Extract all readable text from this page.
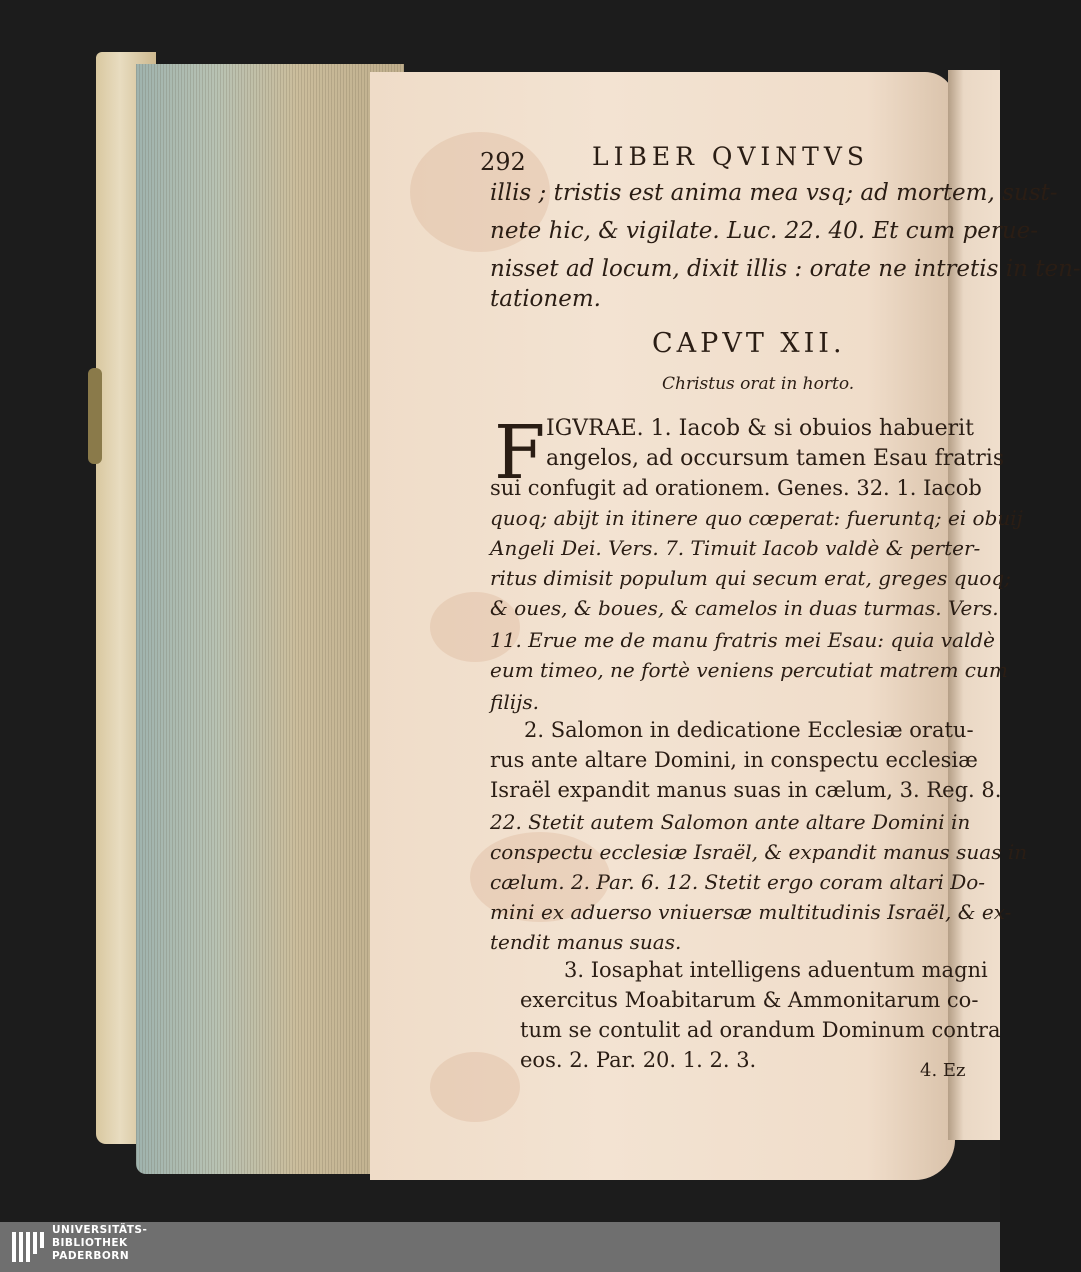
292	LIBER QVINTVS
illis ; tristis est anima mea vsq; ad mortem, sust-
nete hic, & vigilate. Luc. 22. 40. Et cum perue-
nisset ad locum, dixit illis : orate ne intretis in ten-
tationem.
CAPVT XII.
Christus orat in horto.
F IGVRAE. 1. Iacob & si obuios habuerit
angelos, ad occursum tamen Esau fratris
sui confugit ad orationem. Genes. 32. 1. Iacob
quoq; abijt in itinere quo cœperat: fueruntq; ei obuij
Angeli Dei. Vers. 7. Timuit Iacob valdè & perter-
ritus dimisit populum qui secum erat, greges quoq;
& oues, & boues, & camelos in duas turmas. Vers.
11. Erue me de manu fratris mei Esau: quia valdè
eum timeo, ne fortè veniens percutiat matrem cum
filijs.
2. Salomon in dedicatione Ecclesiæ oratu-
rus ante altare Domini, in conspectu ecclesiæ
Israël expandit manus suas in cælum, 3. Reg. 8.
22. Stetit autem Salomon ante altare Domini in
conspectu ecclesiæ Israël, & expandit manus suas in
cælum. 2. Par. 6. 12. Stetit ergo coram altari Do-
mini ex aduerso vniuersæ multitudinis Israël, & ex-
tendit manus suas.
3. Iosaphat intelligens aduentum magni
exercitus Moabitarum & Ammonitarum co-
tum se contulit ad orandum Dominum contra
eos. 2. Par. 20. 1. 2. 3.	4. Ez
UNIVERSITÄTS-
BIBLIOTHEK
PADERBORN
